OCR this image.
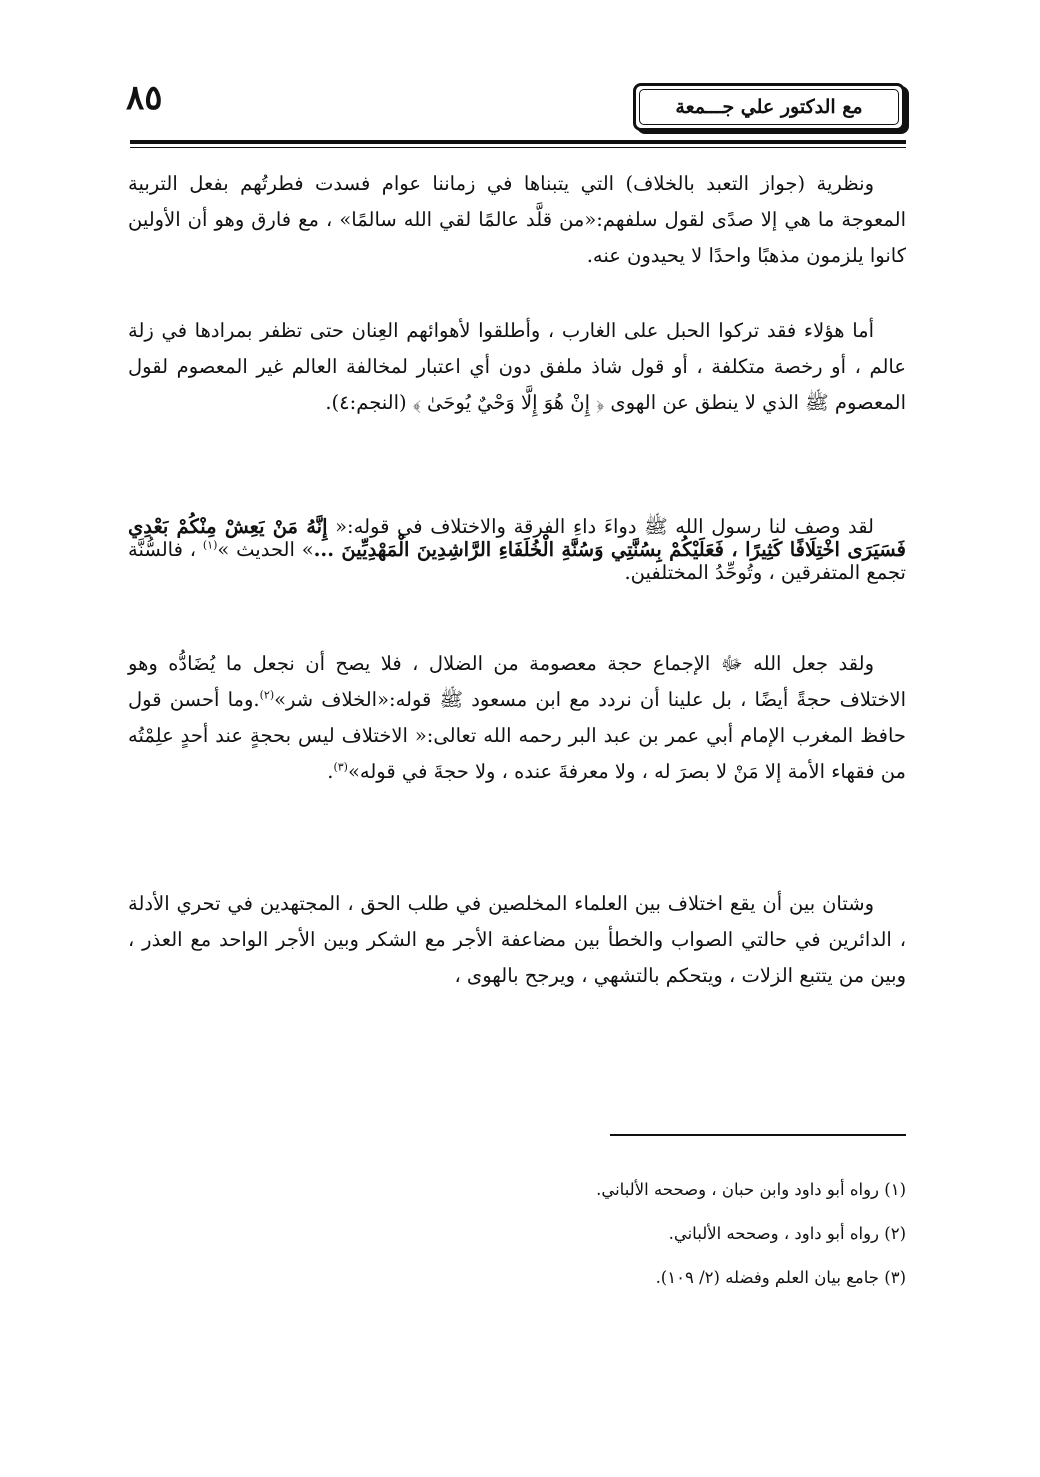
٨٥	مع الدكتور علي جـــمعة

ونظرية (جواز التعبد بالخلاف) التي يتبناها في زماننا عوام فسدت فطرتُهم بفعل التربية المعوجة ما هي إلا صدًى لقول سلفهم:«من قلَّد عالمًا لقي الله سالمًا» ، مع فارق وهو أن الأولين كانوا يلزمون مذهبًا واحدًا لا يحيدون عنه.

أما هؤلاء فقد تركوا الحبل على الغارب ، وأطلقوا لأهوائهم العِنان حتى تظفر بمرادها في زلة عالم ، أو رخصة متكلفة ، أو قول شاذ ملفق دون أي اعتبار لمخالفة العالم غير المعصوم لقول المعصوم ﷺ الذي لا ينطق عن الهوى ﴿ إِنْ هُوَ إِلَّا وَحْيٌ يُوحَىٰ ﴾ (النجم:٤).

لقد وصف لنا رسول الله ﷺ دواءَ داءِ الفرقة والاختلاف في قوله:« إِنَّهُ مَنْ يَعِشْ مِنْكُمْ بَعْدِي فَسَيَرَى اخْتِلَافًا كَثِيرًا ، فَعَلَيْكُمْ بِسُنَّتِي وَسُنَّةِ الْخُلَفَاءِ الرَّاشِدِينَ الْمَهْدِيِّينَ ...» الحديث »$^{(١)}$ ، فالسُّنَّة تجمع المتفرقين ، وتُوحِّدُ المختلفين.

ولقد جعل الله ﷻ الإجماع حجة معصومة من الضلال ، فلا يصح أن نجعل ما يُضَادُّه وهو الاختلاف حجةً أيضًا ، بل علينا أن نردد مع ابن مسعود ﷺ قوله:«الخلاف شر»$^{(٢)}$.وما أحسن قول حافظ المغرب الإمام أبي عمر بن عبد البر رحمه الله تعالى:« الاختلاف ليس بحجةٍ عند أحدٍ علِمْتُه من فقهاء الأمة إلا مَنْ لا بصرَ له ، ولا معرفةَ عنده ، ولا حجةَ في قوله»$^{(٣)}$.

وشتان بين أن يقع اختلاف بين العلماء المخلصين في طلب الحق ، المجتهدين في تحري الأدلة ، الدائرين في حالتي الصواب والخطأ بين مضاعفة الأجر مع الشكر وبين الأجر الواحد مع العذر ، وبين من يتتبع الزلات ، ويتحكم بالتشهي ، ويرجح بالهوى ،

(١) رواه أبو داود وابن حبان ، وصححه الألباني.

(٢) رواه أبو داود ، وصححه الألباني.

(٣) جامع بيان العلم وفضله (٢/ ١٠٩).
